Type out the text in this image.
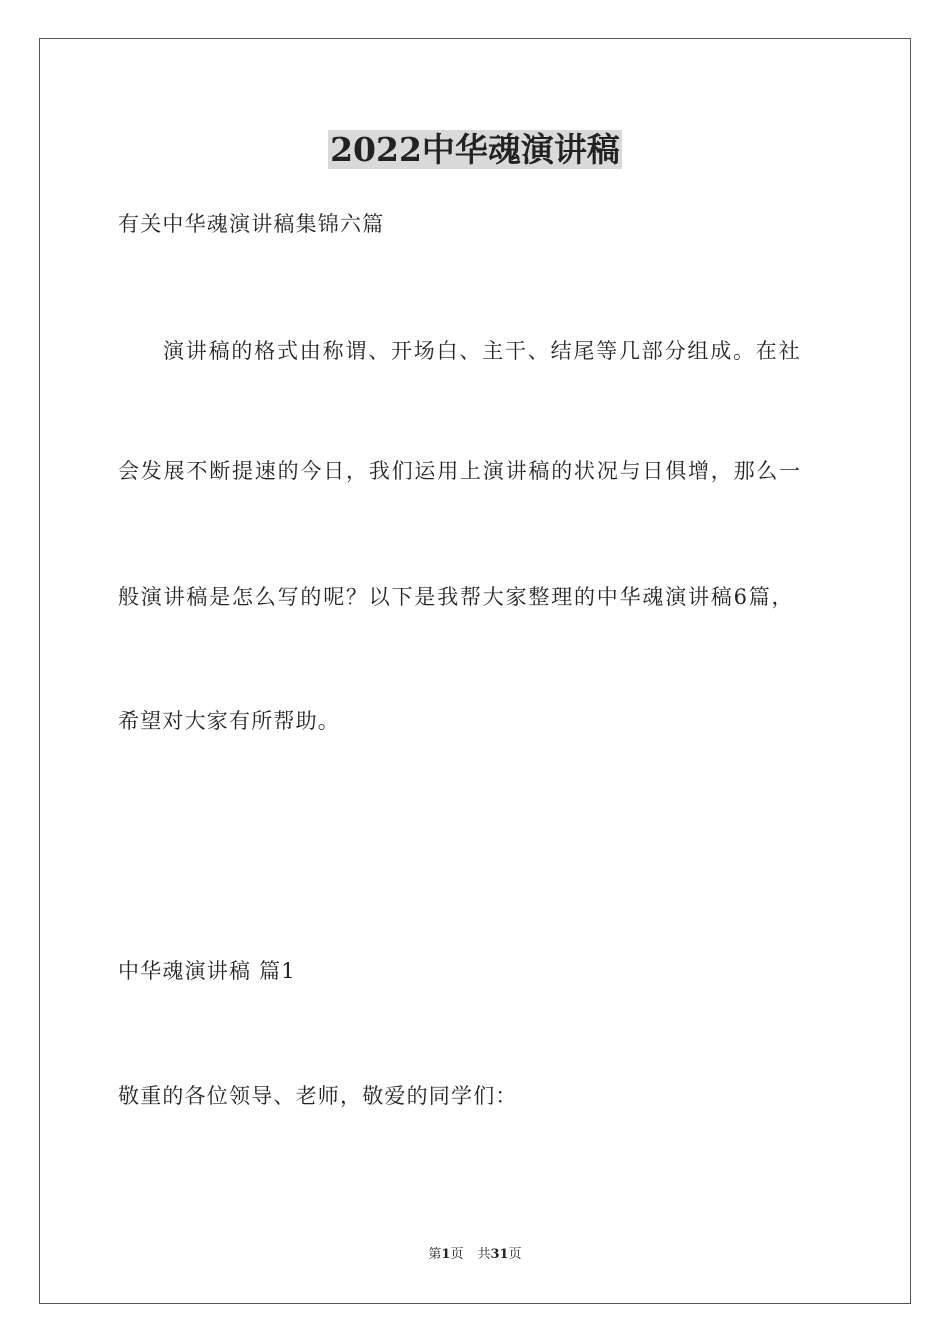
2022中华魂演讲稿
有关中华魂演讲稿集锦六篇
演讲稿的格式由称谓、开场白、主干、结尾等几部分组成。在社
会发展不断提速的今日，我们运用上演讲稿的状况与日俱增，那么一
般演讲稿是怎么写的呢？以下是我帮大家整理的中华魂演讲稿6篇，
希望对大家有所帮助。
中华魂演讲稿 篇1
敬重的各位领导、老师，敬爱的同学们：
第1页 共31页
